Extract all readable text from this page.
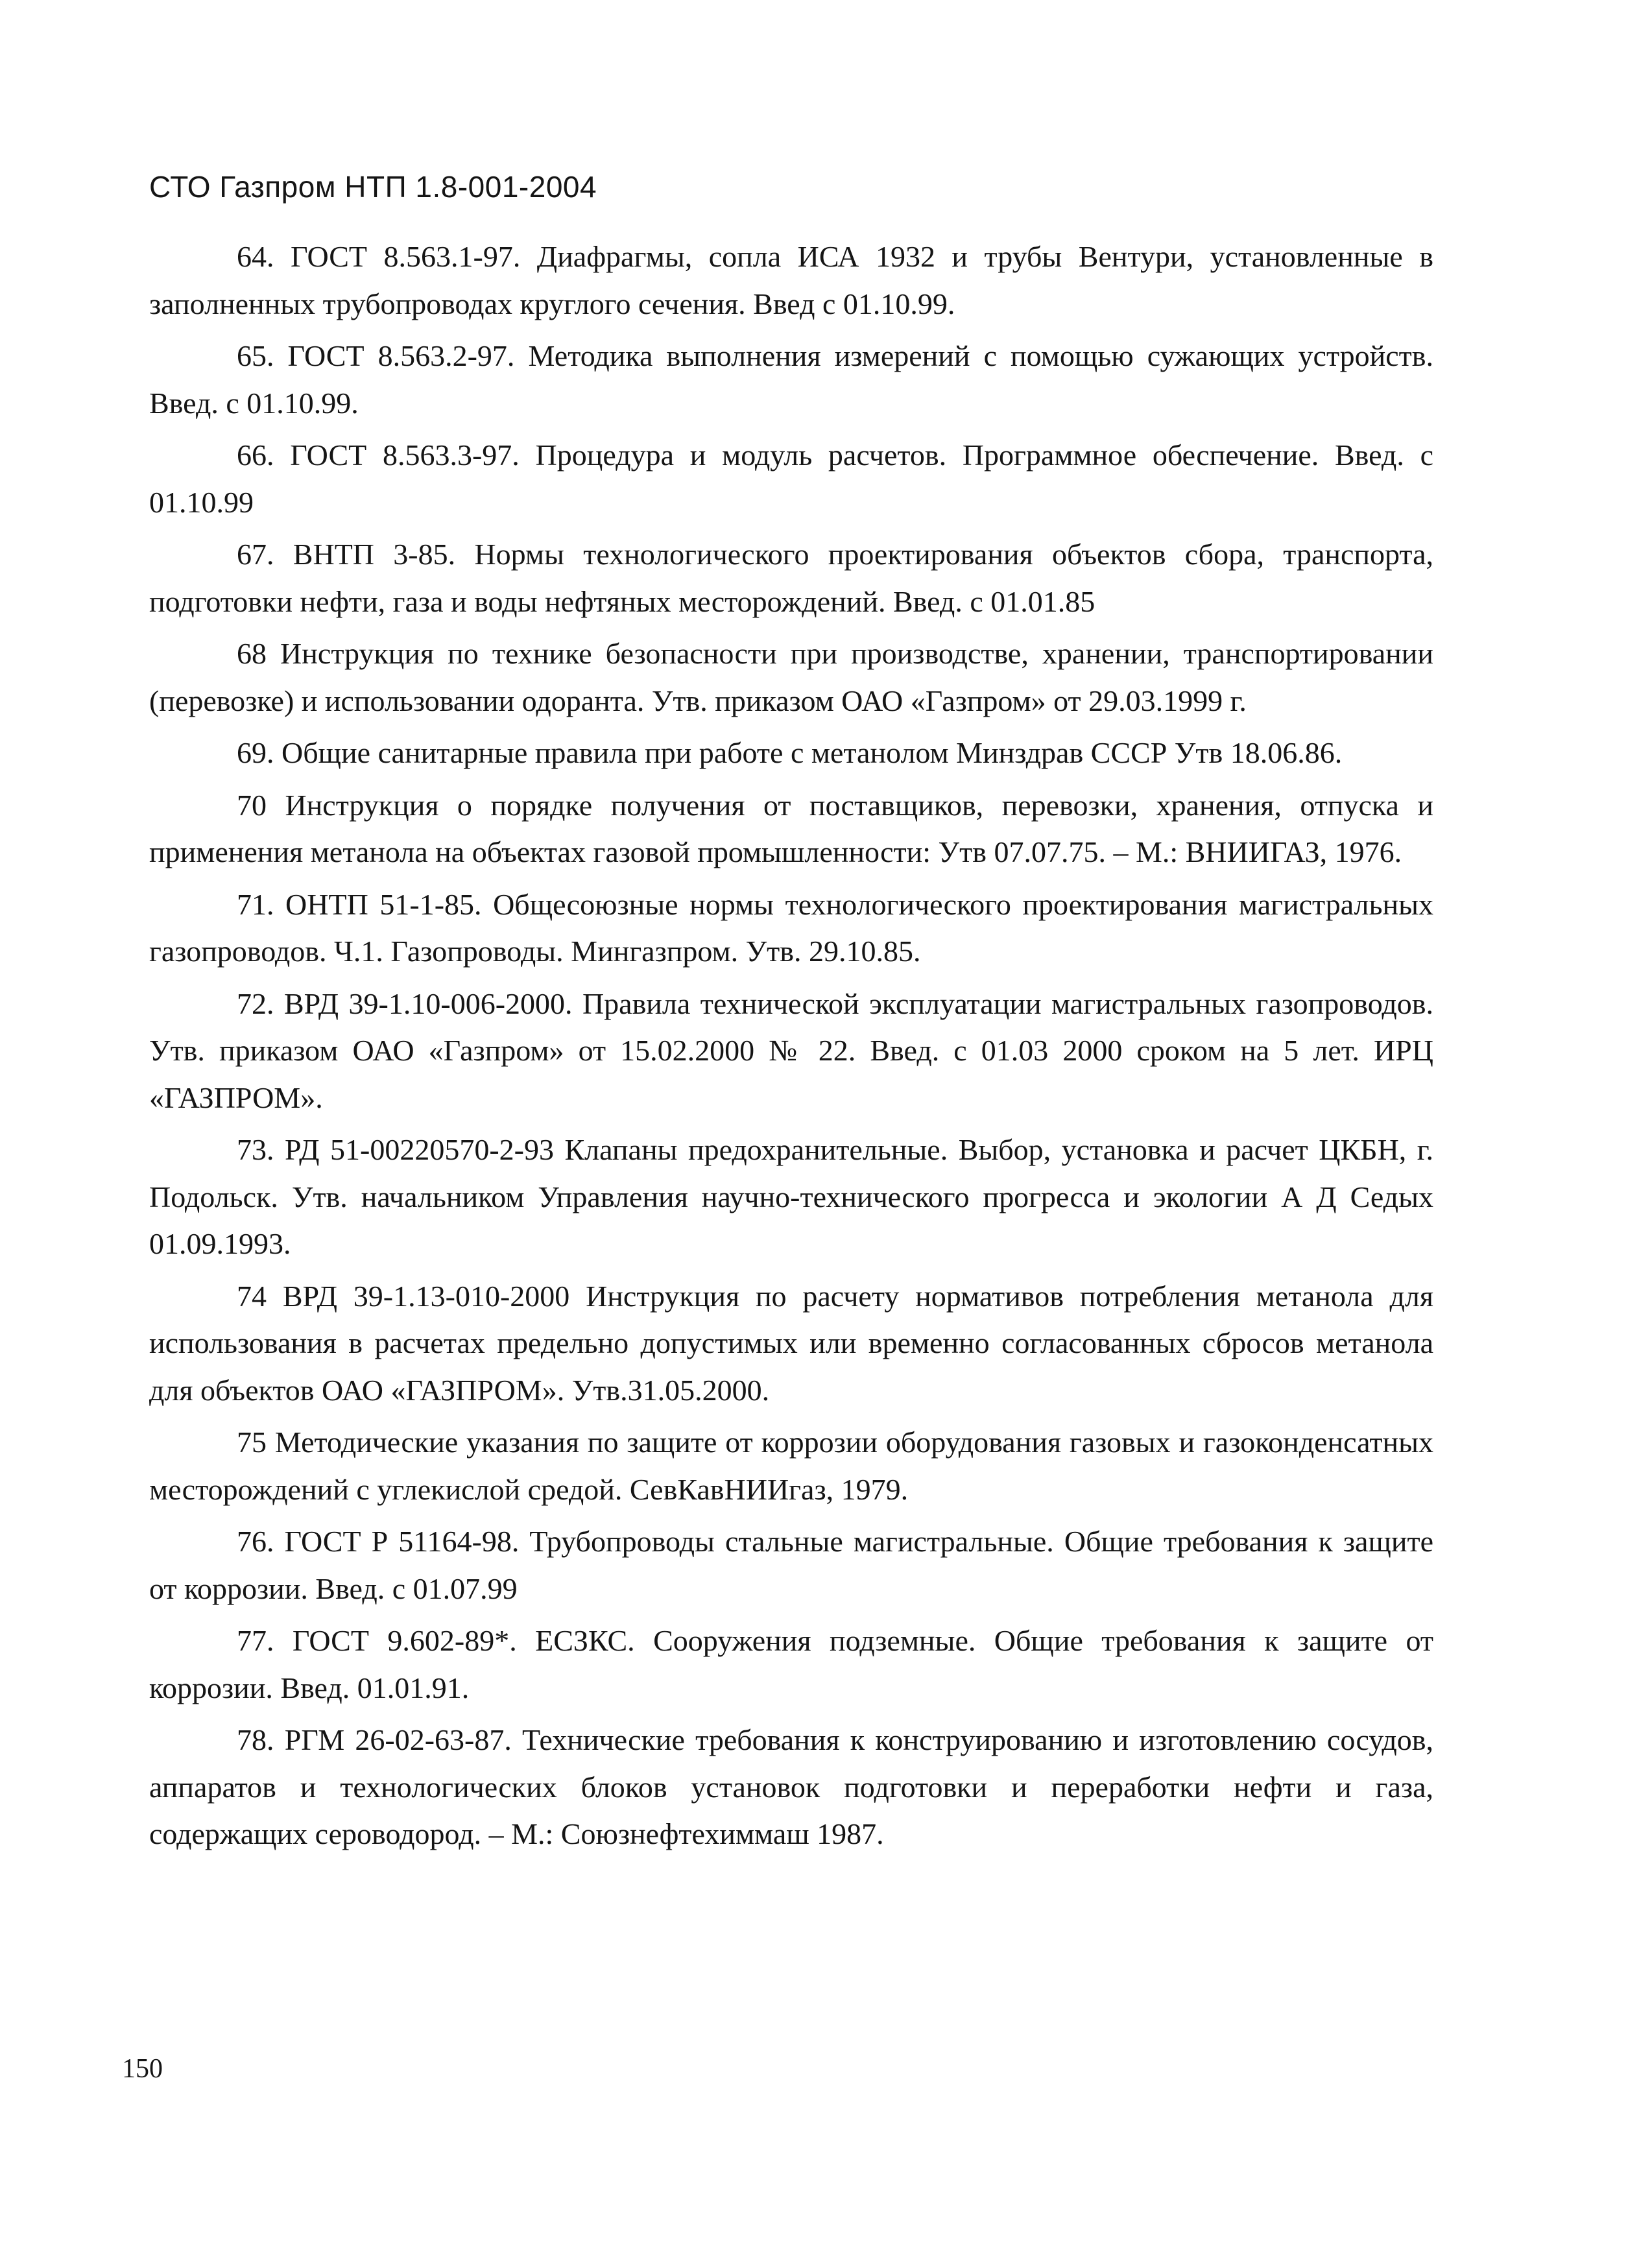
СТО Газпром НТП 1.8-001-2004
64. ГОСТ 8.563.1-97. Диафрагмы, сопла ИСА 1932 и трубы Вентури, установленные в заполненных трубопроводах круглого сечения. Введ с 01.10.99.
65. ГОСТ 8.563.2-97. Методика выполнения измерений с помощью сужающих устройств. Введ. с 01.10.99.
66. ГОСТ 8.563.3-97. Процедура и модуль расчетов. Программное обеспечение. Введ. с 01.10.99
67. ВНТП 3-85. Нормы технологического проектирования объектов сбора, транспорта, подготовки нефти, газа и воды нефтяных месторождений. Введ. с 01.01.85
68 Инструкция по технике безопасности при производстве, хранении, транспортировании (перевозке) и использовании одоранта. Утв. приказом ОАО «Газпром» от 29.03.1999 г.
69. Общие санитарные правила при работе с метанолом Минздрав СССР Утв 18.06.86.
70 Инструкция о порядке получения от поставщиков, перевозки, хранения, отпуска и применения метанола на объектах газовой промышленности: Утв 07.07.75. – М.: ВНИИГАЗ, 1976.
71. ОНТП 51-1-85. Общесоюзные нормы технологического проектирования магистральных газопроводов. Ч.1. Газопроводы. Мингазпром. Утв. 29.10.85.
72. ВРД 39-1.10-006-2000. Правила технической эксплуатации магистральных газопроводов. Утв. приказом ОАО «Газпром» от 15.02.2000 № 22. Введ. с 01.03 2000 сроком на 5 лет. ИРЦ «ГАЗПРОМ».
73. РД 51-00220570-2-93 Клапаны предохранительные. Выбор, установка и расчет ЦКБН, г. Подольск. Утв. начальником Управления научно-технического прогресса и экологии А Д Седых 01.09.1993.
74 ВРД 39-1.13-010-2000 Инструкция по расчету нормативов потребления метанола для использования в расчетах предельно допустимых или временно согласованных сбросов метанола для объектов ОАО «ГАЗПРОМ». Утв.31.05.2000.
75 Методические указания по защите от коррозии оборудования газовых и газоконденсатных месторождений с углекислой средой. СевКавНИИгаз, 1979.
76. ГОСТ Р 51164-98. Трубопроводы стальные магистральные. Общие требования к защите от коррозии. Введ. с 01.07.99
77. ГОСТ 9.602-89*. ЕСЗКС. Сооружения подземные. Общие требования к защите от коррозии. Введ. 01.01.91.
78. РГМ 26-02-63-87. Технические требования к конструированию и изготовлению сосудов, аппаратов и технологических блоков установок подготовки и переработки нефти и газа, содержащих сероводород. – М.: Союзнефтехиммаш 1987.
150
